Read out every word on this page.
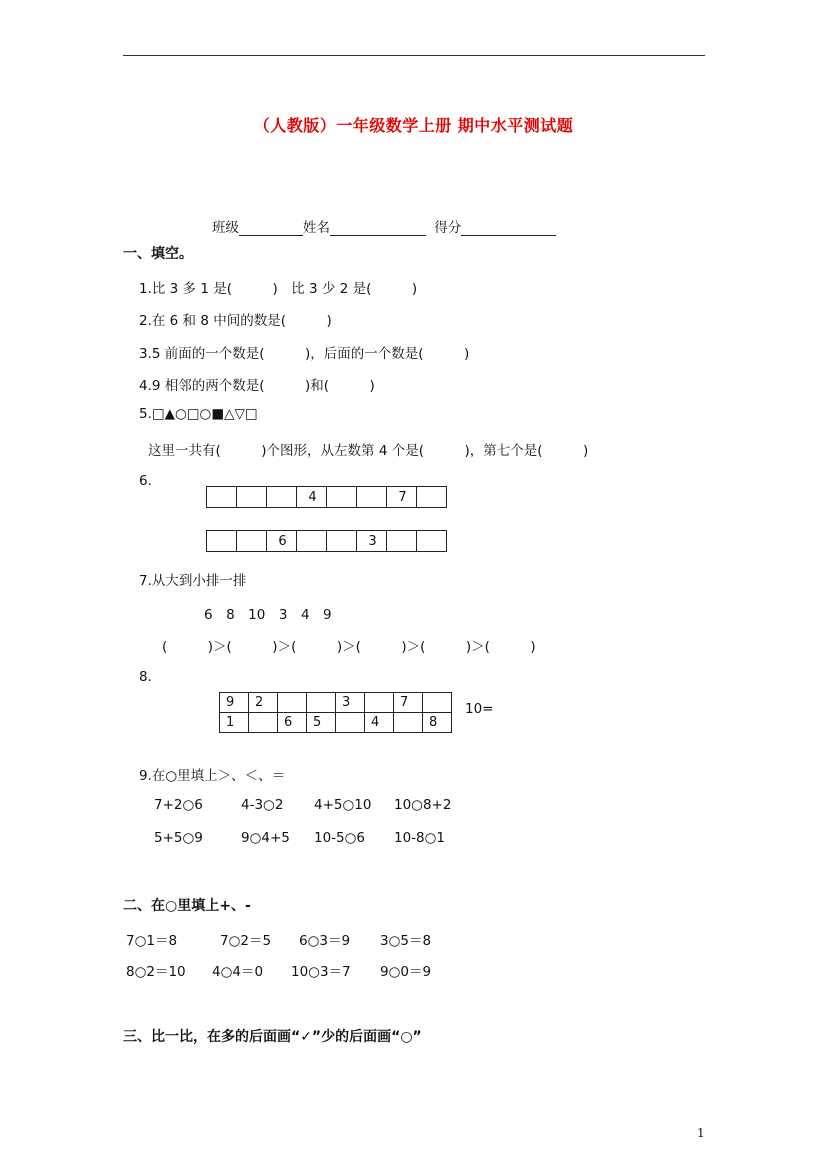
（人教版）一年级数学上册 期中水平测试题
班级	姓名	得分
一、填空。
1.比 3 多 1 是(　　　)　比 3 少 2 是(　　　)
2.在 6 和 8 中间的数是(　　　)
3.5 前面的一个数是(　　　)，后面的一个数是(　　　)
4.9 相邻的两个数是(　　　)和(　　　)
5.□▲○□○■△▽□
这里一共有(　　　)个图形，从左数第 4 个是(　　　)，第七个是(　　　)
6.
			4			7	
		6			3		
7.从大到小排一排
6　8　10　3　4　9
(　　　)＞(　　　)＞(　　　)＞(　　　)＞(　　　)＞(　　　)
8.
9	2			3		7	
1		6	5		4		8
10=
9.在○里填上＞、＜、＝
7+2○6	4-3○2 4+5○10 10○8+2
5+5○9	9○4+5 10-5○6 10-8○1
二、在○里填上+、-
7○1＝8	7○2＝5 6○3＝9 3○5＝8
8○2＝10 4○4＝0 10○3＝7 9○0＝9
三、比一比，在多的后面画“✓”少的后面画“○”
1
